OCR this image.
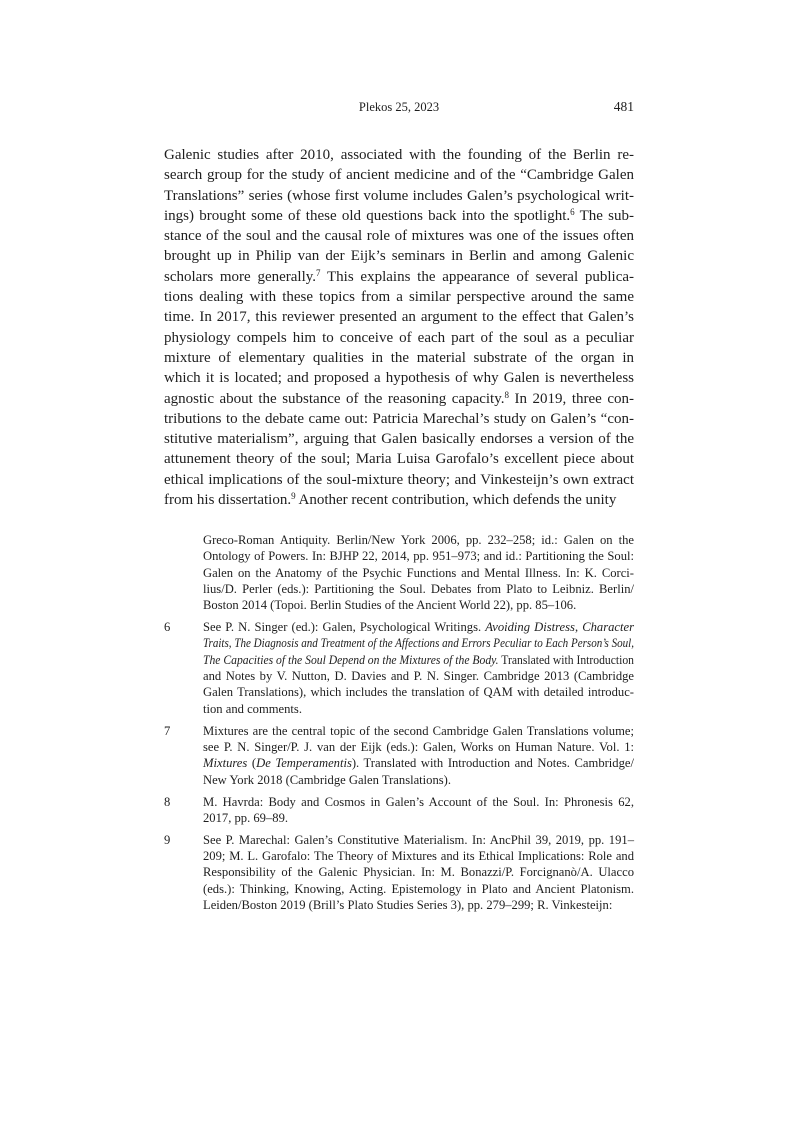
Plekos 25, 2023	481
Galenic studies after 2010, associated with the founding of the Berlin re-
search group for the study of ancient medicine and of the “Cambridge Galen
Translations” series (whose first volume includes Galen’s psychological writ-
ings) brought some of these old questions back into the spotlight.$^6$ The sub-
stance of the soul and the causal role of mixtures was one of the issues often
brought up in Philip van der Eijk’s seminars in Berlin and among Galenic
scholars more generally.$^7$ This explains the appearance of several publica-
tions dealing with these topics from a similar perspective around the same
time. In 2017, this reviewer presented an argument to the effect that Galen’s
physiology compels him to conceive of each part of the soul as a peculiar
mixture of elementary qualities in the material substrate of the organ in
which it is located; and proposed a hypothesis of why Galen is nevertheless
agnostic about the substance of the reasoning capacity.$^8$ In 2019, three con-
tributions to the debate came out: Patricia Marechal’s study on Galen’s “con-
stitutive materialism”, arguing that Galen basically endorses a version of the
attunement theory of the soul; Maria Luisa Garofalo’s excellent piece about
ethical implications of the soul-mixture theory; and Vinkesteijn’s own extract
from his dissertation.$^9$ Another recent contribution, which defends the unity
Greco-Roman Antiquity. Berlin/New York 2006, pp. 232–258; id.: Galen on the
Ontology of Powers. In: BJHP 22, 2014, pp. 951–973; and id.: Partitioning the Soul:
Galen on the Anatomy of the Psychic Functions and Mental Illness. In: K. Corci-
lius/D. Perler (eds.): Partitioning the Soul. Debates from Plato to Leibniz. Berlin/
Boston 2014 (Topoi. Berlin Studies of the Ancient World 22), pp. 85–106.
6	See P. N. Singer (ed.): Galen, Psychological Writings. Avoiding Distress, Character
Traits, The Diagnosis and Treatment of the Affections and Errors Peculiar to Each Person’s Soul,
The Capacities of the Soul Depend on the Mixtures of the Body. Translated with Introduction
and Notes by V. Nutton, D. Davies and P. N. Singer. Cambridge 2013 (Cambridge
Galen Translations), which includes the translation of QAM with detailed introduc-
tion and comments.
7	Mixtures are the central topic of the second Cambridge Galen Translations volume;
see P. N. Singer/P. J. van der Eijk (eds.): Galen, Works on Human Nature. Vol. 1:
Mixtures (De Temperamentis). Translated with Introduction and Notes. Cambridge/
New York 2018 (Cambridge Galen Translations).
8	M. Havrda: Body and Cosmos in Galen’s Account of the Soul. In: Phronesis 62,
2017, pp. 69–89.
9	See P. Marechal: Galen’s Constitutive Materialism. In: AncPhil 39, 2019, pp. 191–
209; M. L. Garofalo: The Theory of Mixtures and its Ethical Implications: Role and
Responsibility of the Galenic Physician. In: M. Bonazzi/P. Forcignanò/A. Ulacco
(eds.): Thinking, Knowing, Acting. Epistemology in Plato and Ancient Platonism.
Leiden/Boston 2019 (Brill’s Plato Studies Series 3), pp. 279–299; R. Vinkesteijn:
